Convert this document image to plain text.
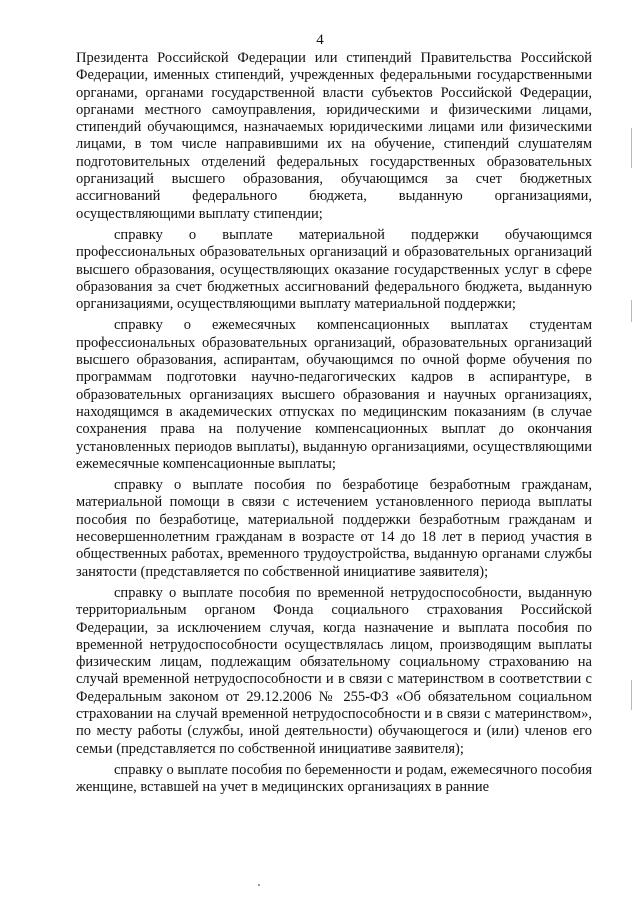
4

Президента Российской Федерации или стипендий Правительства Российской Федерации, именных стипендий, учрежденных федеральными государственными органами, органами государственной власти субъектов Российской Федерации, органами местного самоуправления, юридическими и физическими лицами, стипендий обучающимся, назначаемых юридическими лицами или физическими лицами, в том числе направившими их на обучение, стипендий слушателям подготовительных отделений федеральных государственных образовательных организаций высшего образования, обучающимся за счет бюджетных ассигнований федерального бюджета, выданную организациями, осуществляющими выплату стипендии;

справку о выплате материальной поддержки обучающимся профессиональных образовательных организаций и образовательных организаций высшего образования, осуществляющих оказание государственных услуг в сфере образования за счет бюджетных ассигнований федерального бюджета, выданную организациями, осуществляющими выплату материальной поддержки;

справку о ежемесячных компенсационных выплатах студентам профессиональных образовательных организаций, образовательных организаций высшего образования, аспирантам, обучающимся по очной форме обучения по программам подготовки научно-педагогических кадров в аспирантуре, в образовательных организациях высшего образования и научных организациях, находящимся в академических отпусках по медицинским показаниям (в случае сохранения права на получение компенсационных выплат до окончания установленных периодов выплаты), выданную организациями, осуществляющими ежемесячные компенсационные выплаты;

справку о выплате пособия по безработице безработным гражданам, материальной помощи в связи с истечением установленного периода выплаты пособия по безработице, материальной поддержки безработным гражданам и несовершеннолетним гражданам в возрасте от 14 до 18 лет в период участия в общественных работах, временного трудоустройства, выданную органами службы занятости (представляется по собственной инициативе заявителя);

справку о выплате пособия по временной нетрудоспособности, выданную территориальным органом Фонда социального страхования Российской Федерации, за исключением случая, когда назначение и выплата пособия по временной нетрудоспособности осуществлялась лицом, производящим выплаты физическим лицам, подлежащим обязательному социальному страхованию на случай временной нетрудоспособности и в связи с материнством в соответствии с Федеральным законом от 29.12.2006 № 255-ФЗ «Об обязательном социальном страховании на случай временной нетрудоспособности и в связи с материнством», по месту работы (службы, иной деятельности) обучающегося и (или) членов его семьи (представляется по собственной инициативе заявителя);

справку о выплате пособия по беременности и родам, ежемесячного пособия женщине, вставшей на учет в медицинских организациях в ранние
